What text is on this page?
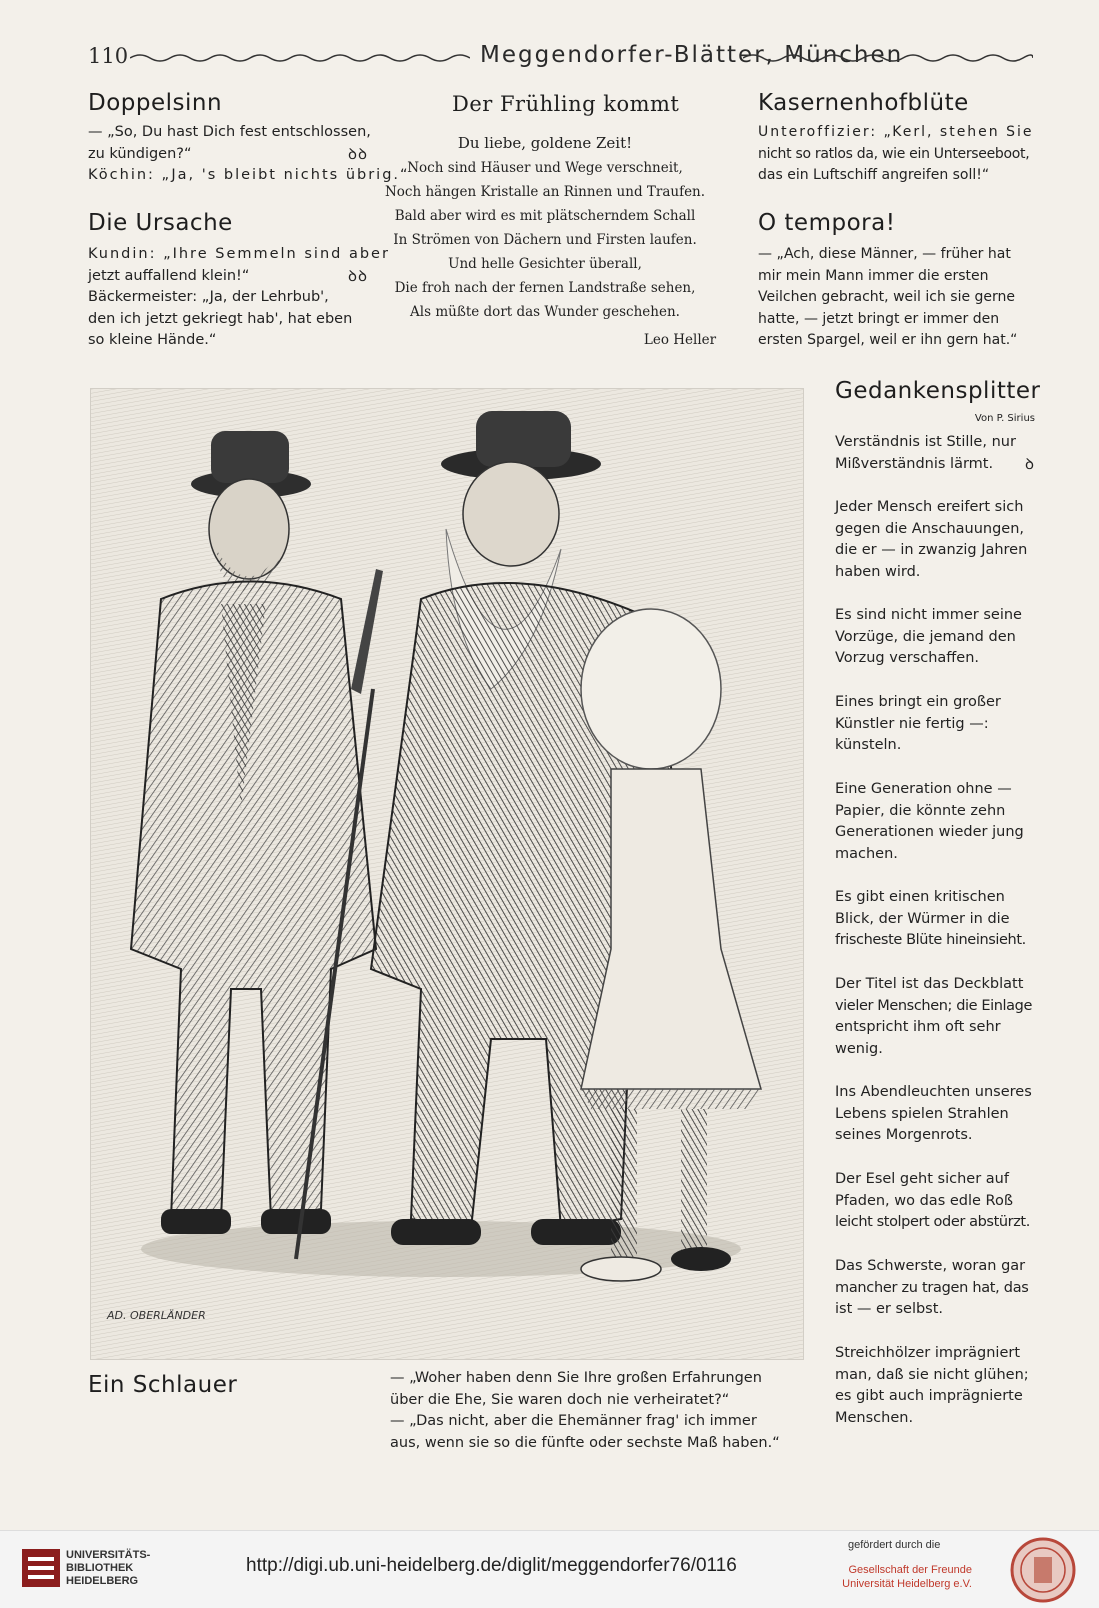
110	Meggendorfer-Blätter, München
Doppelsinn
— „So, Du hast Dich fest entschlossen,
zu kündigen?“	ꝺꝺ
Köchin: „Ja, 's bleibt nichts übrig.“
Die Ursache
Kundin: „Ihre Semmeln sind aber
jetzt auffallend klein!“	ꝺꝺ
Bäckermeister: „Ja, der Lehrbub',
den ich jetzt gekriegt hab', hat eben
so kleine Hände.“
Der Frühling kommt
Du liebe, goldene Zeit!
Noch sind Häuser und Wege verschneit,
Noch hängen Kristalle an Rinnen und Traufen.
Bald aber wird es mit plätscherndem Schall
In Strömen von Dächern und Firsten laufen.
Und helle Gesichter überall,
Die froh nach der fernen Landstraße sehen,
Als müßte dort das Wunder geschehen.
Leo Heller
Kasernenhofblüte
Unteroffizier: „Kerl, stehen Sie
nicht so ratlos da, wie ein Unterseeboot,
das ein Luftschiff angreifen soll!“
O tempora!
— „Ach, diese Männer, — früher hat
mir mein Mann immer die ersten
Veilchen gebracht, weil ich sie gerne
hatte, — jetzt bringt er immer den
ersten Spargel, weil er ihn gern hat.“
AD. OBERLÄNDER
Gedankensplitter
Von P. Sirius
Verständnis ist Stille, nur
Mißverständnis lärmt. ꝺ
Jeder Mensch ereifert sich
gegen die Anschauungen,
die er — in zwanzig Jahren
haben wird.
Es sind nicht immer seine
Vorzüge, die jemand den
Vorzug verschaffen.
Eines bringt ein großer
Künstler nie fertig —:
künsteln.
Eine Generation ohne —
Papier, die könnte zehn
Generationen wieder jung
machen.
Es gibt einen kritischen
Blick, der Würmer in die
frischeste Blüte hineinsieht.
Der Titel ist das Deckblatt
vieler Menschen; die Einlage
entspricht ihm oft sehr
wenig.
Ins Abendleuchten unseres
Lebens spielen Strahlen
seines Morgenrots.
Der Esel geht sicher auf
Pfaden, wo das edle Roß
leicht stolpert oder abstürzt.
Das Schwerste, woran gar
mancher zu tragen hat, das
ist — er selbst.
Streichhölzer imprägniert
man, daß sie nicht glühen;
es gibt auch imprägnierte
Menschen.
Ein Schlauer	— „Woher haben denn Sie Ihre großen Erfahrungen
über die Ehe, Sie waren doch nie verheiratet?“
— „Das nicht, aber die Ehemänner frag' ich immer
aus, wenn sie so die fünfte oder sechste Maß haben.“
UNIVERSITÄTS-
BIBLIOTHEK
HEIDELBERG
http://digi.ub.uni-heidelberg.de/diglit/meggendorfer76/0116
gefördert durch die
Gesellschaft der Freunde
Universität Heidelberg e.V.
